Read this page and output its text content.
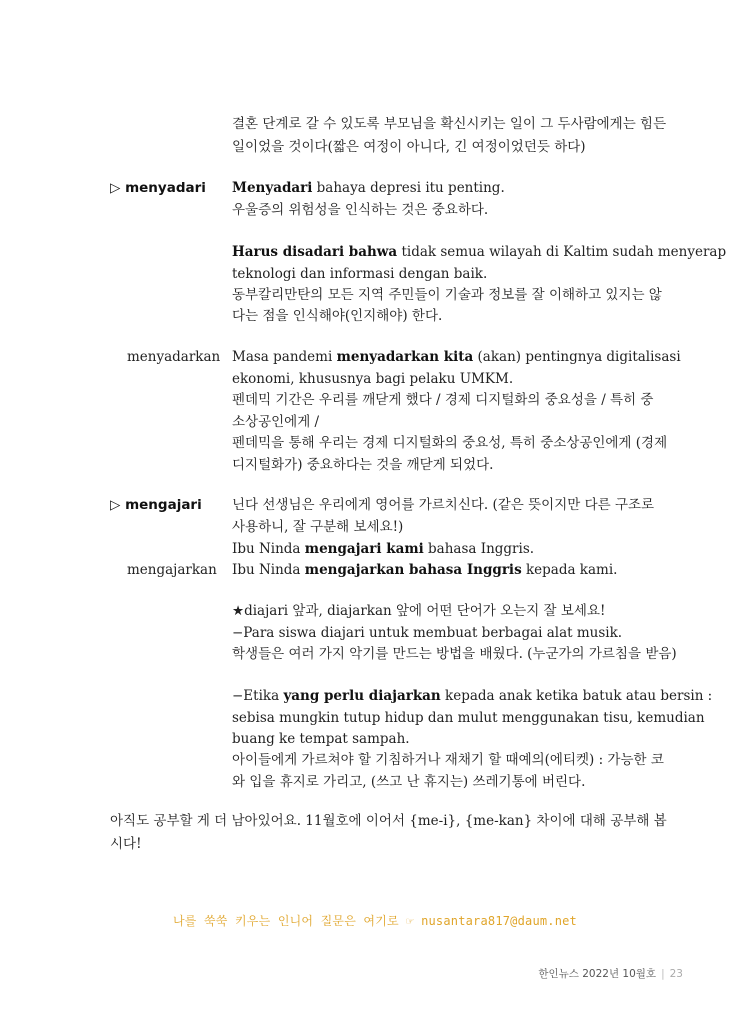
결혼 단계로 갈 수 있도록 부모님을 확신시키는 일이 그 두사람에게는 힘든
일이었을 것이다(짧은 여정이 아니다, 긴 여정이었던듯 하다)
▷ menyadari Menyadari bahaya depresi itu penting.
우울증의 위험성을 인식하는 것은 중요하다.
Harus disadari bahwa tidak semua wilayah di Kaltim sudah menyerap
teknologi dan informasi dengan baik.
동부칼리만탄의 모든 지역 주민들이 기술과 정보를 잘 이해하고 있지는 않
다는 점을 인식해야(인지해야) 한다.
menyadarkan Masa pandemi menyadarkan kita (akan) pentingnya digitalisasi
ekonomi, khususnya bagi pelaku UMKM.
펜데믹 기간은 우리를 깨닫게 했다 / 경제 디지털화의 중요성을 / 특히 중
소상공인에게 /
펜데믹을 통해 우리는 경제 디지털화의 중요성, 특히 중소상공인에게 (경제
디지털화가) 중요하다는 것을 깨닫게 되었다.
▷ mengajari 닌다 선생님은 우리에게 영어를 가르치신다. (같은 뜻이지만 다른 구조로
사용하니, 잘 구분해 보세요!)
Ibu Ninda mengajari kami bahasa Inggris.
mengajarkan Ibu Ninda mengajarkan bahasa Inggris kepada kami.
★diajari 앞과, diajarkan 앞에 어떤 단어가 오는지 잘 보세요!
−Para siswa diajari untuk membuat berbagai alat musik.
학생들은 여러 가지 악기를 만드는 방법을 배웠다. (누군가의 가르침을 받음)
−Etika yang perlu diajarkan kepada anak ketika batuk atau bersin :
sebisa mungkin tutup hidup dan mulut menggunakan tisu, kemudian
buang ke tempat sampah.
아이들에게 가르쳐야 할 기침하거나 재채기 할 때예의(에티켓) : 가능한 코
와 입을 휴지로 가리고, (쓰고 난 휴지는) 쓰레기통에 버린다.
아직도 공부할 게 더 남아있어요. 11월호에 이어서 {me-i}, {me-kan} 차이에 대해 공부해 봅
시다!
나를 쑥쑥 키우는 인니어 질문은 여기로 ☞ nusantara817@daum.net
한인뉴스 2022년 10월호 | 23
